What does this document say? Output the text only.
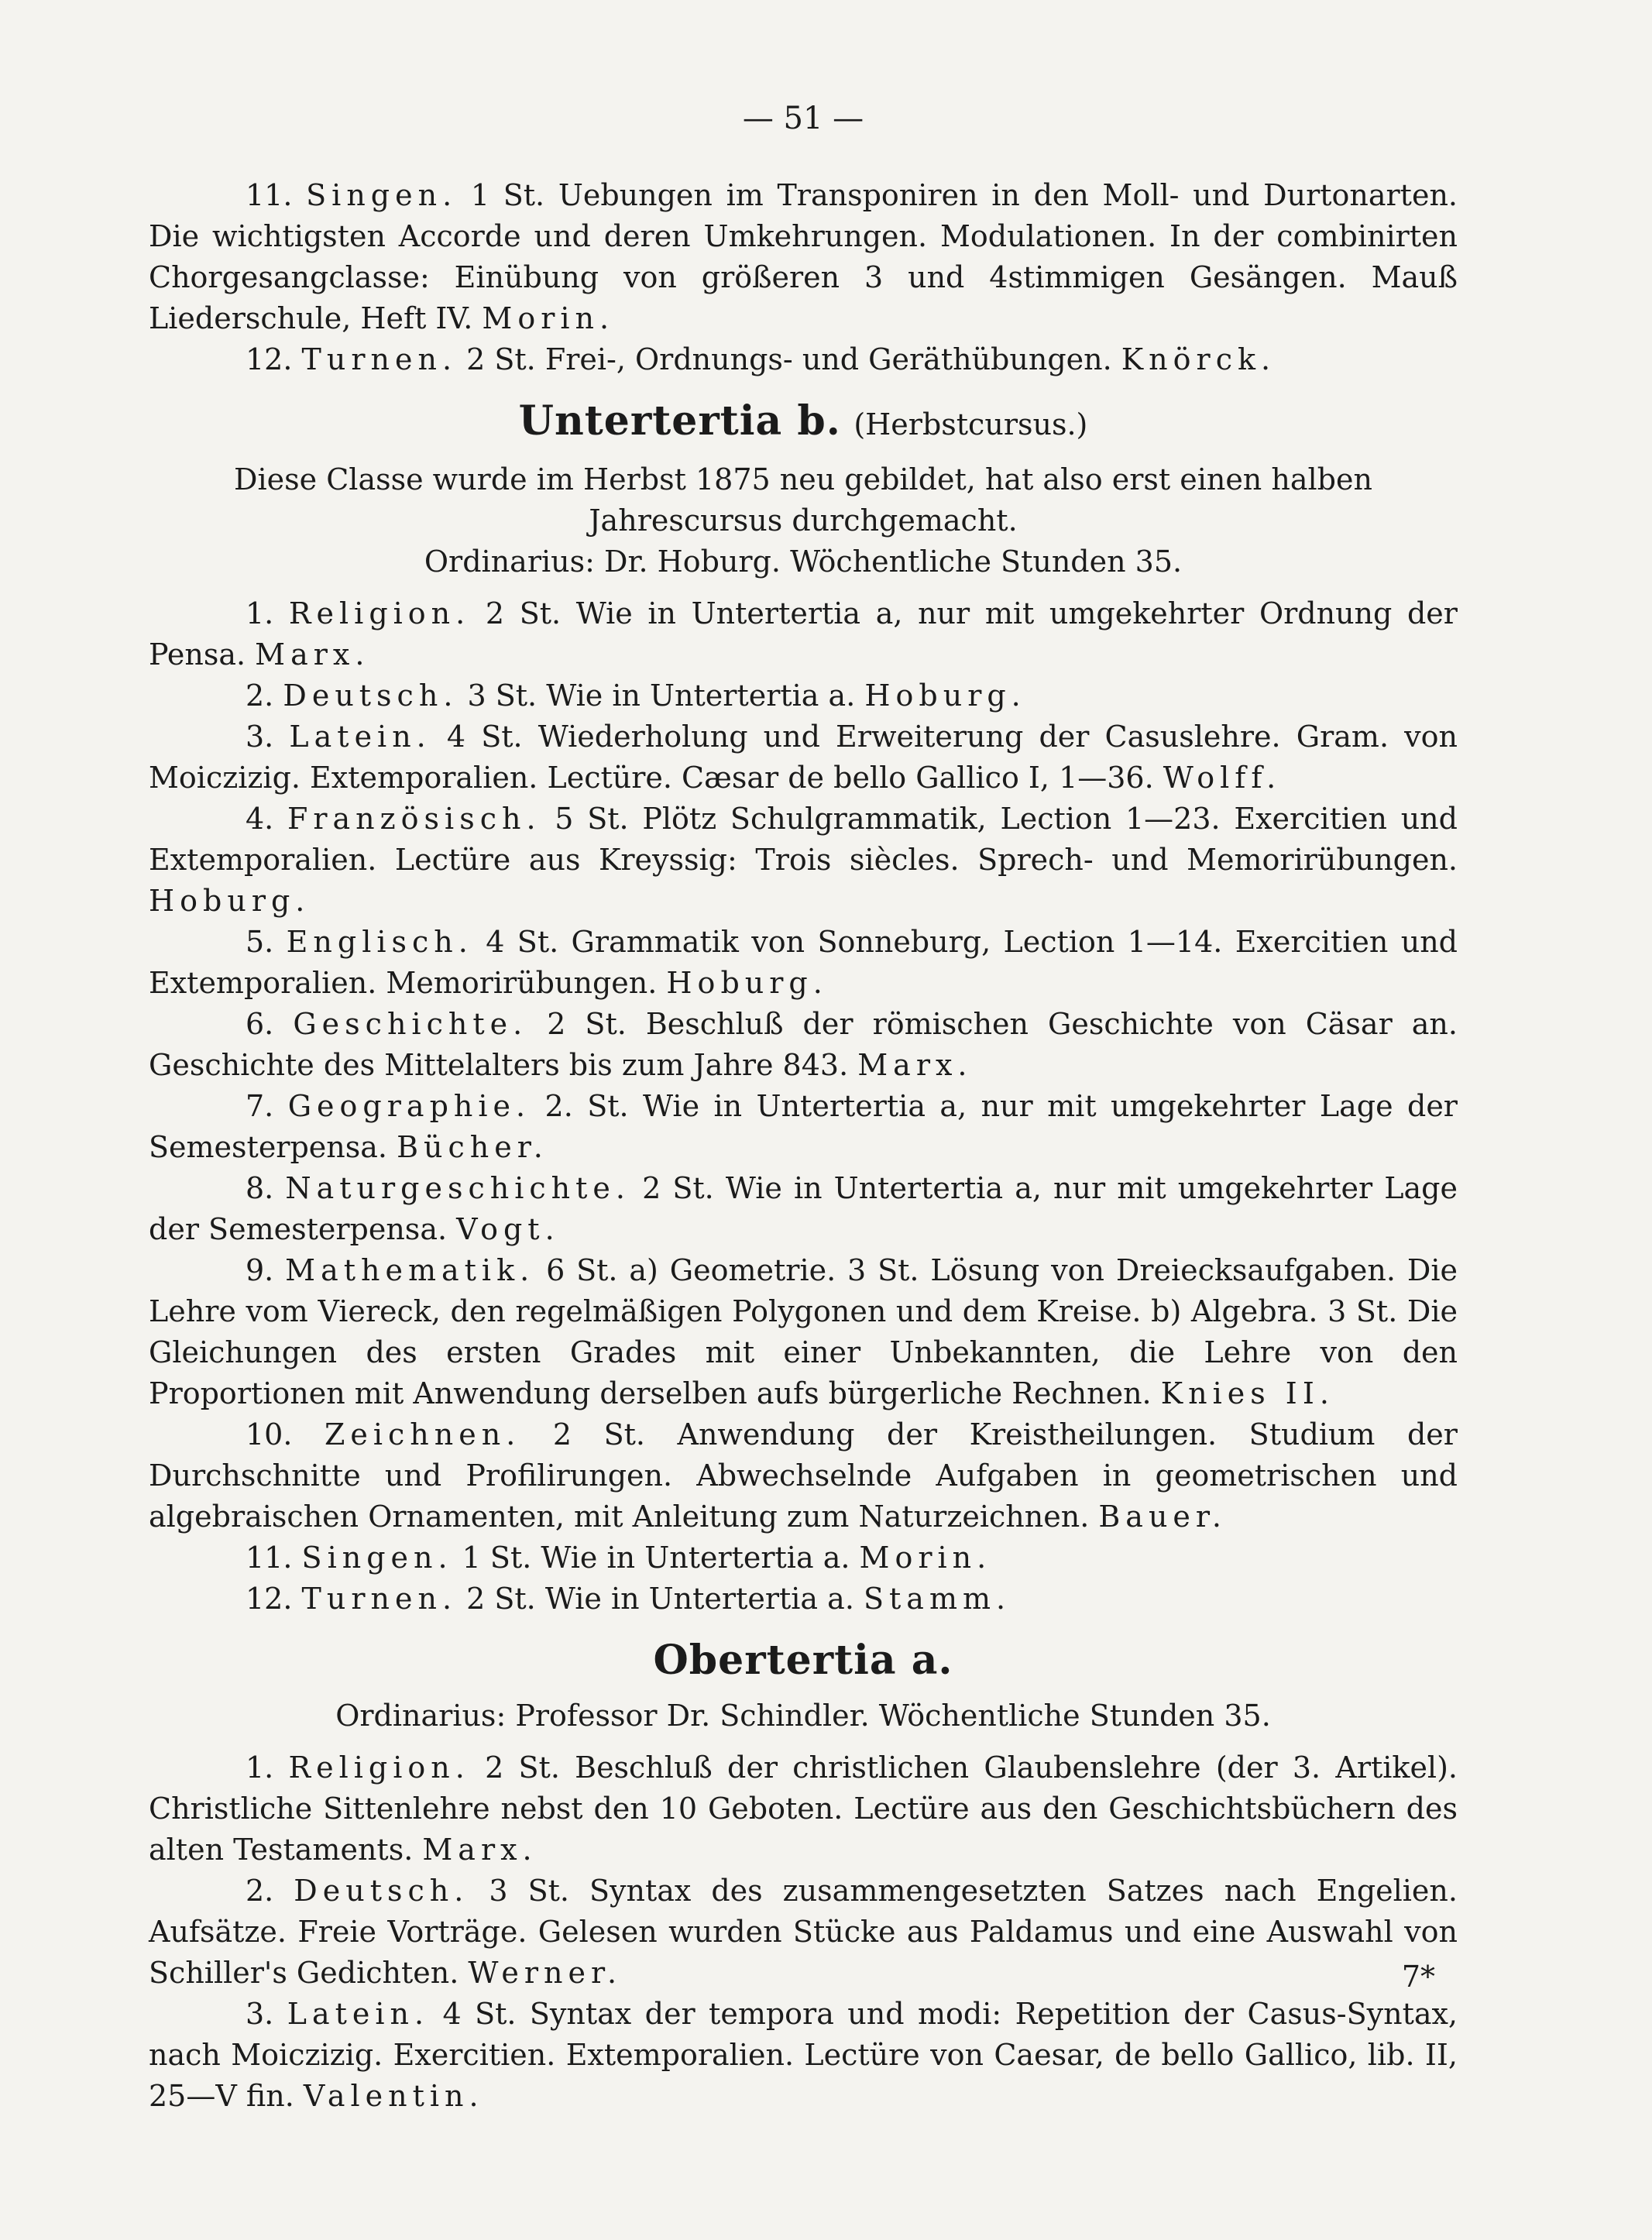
— 51 —

11. Singen. 1 St. Uebungen im Transponiren in den Moll- und Durtonarten. Die wichtigsten Accorde und deren Umkehrungen. Modulationen. In der combinirten Chorgesangclasse: Einübung von größeren 3 und 4stimmigen Gesängen. Mauß Liederschule, Heft IV. Morin.

12. Turnen. 2 St. Frei-, Ordnungs- und Geräthübungen. Knörck.

Untertertia b. (Herbstcursus.)

Diese Classe wurde im Herbst 1875 neu gebildet, hat also erst einen halben Jahrescursus durchgemacht.

Ordinarius: Dr. Hoburg. Wöchentliche Stunden 35.

1. Religion. 2 St. Wie in Untertertia a, nur mit umgekehrter Ordnung der Pensa. Marx.

2. Deutsch. 3 St. Wie in Untertertia a. Hoburg.

3. Latein. 4 St. Wiederholung und Erweiterung der Casuslehre. Gram. von Moiczizig. Extemporalien. Lectüre. Cæsar de bello Gallico I, 1—36. Wolff.

4. Französisch. 5 St. Plötz Schulgrammatik, Lection 1—23. Exercitien und Extemporalien. Lectüre aus Kreyssig: Trois siècles. Sprech- und Memorirübungen. Hoburg.

5. Englisch. 4 St. Grammatik von Sonneburg, Lection 1—14. Exercitien und Extemporalien. Memorirübungen. Hoburg.

6. Geschichte. 2 St. Beschluß der römischen Geschichte von Cäsar an. Geschichte des Mittelalters bis zum Jahre 843. Marx.

7. Geographie. 2. St. Wie in Untertertia a, nur mit umgekehrter Lage der Semesterpensa. Bücher.

8. Naturgeschichte. 2 St. Wie in Untertertia a, nur mit umgekehrter Lage der Semesterpensa. Vogt.

9. Mathematik. 6 St. a) Geometrie. 3 St. Lösung von Dreiecksaufgaben. Die Lehre vom Viereck, den regelmäßigen Polygonen und dem Kreise. b) Algebra. 3 St. Die Gleichungen des ersten Grades mit einer Unbekannten, die Lehre von den Proportionen mit Anwendung derselben aufs bürgerliche Rechnen. Knies II.

10. Zeichnen. 2 St. Anwendung der Kreistheilungen. Studium der Durchschnitte und Profilirungen. Abwechselnde Aufgaben in geometrischen und algebraischen Ornamenten, mit Anleitung zum Naturzeichnen. Bauer.

11. Singen. 1 St. Wie in Untertertia a. Morin.

12. Turnen. 2 St. Wie in Untertertia a. Stamm.

Obertertia a.

Ordinarius: Professor Dr. Schindler. Wöchentliche Stunden 35.

1. Religion. 2 St. Beschluß der christlichen Glaubenslehre (der 3. Artikel). Christliche Sittenlehre nebst den 10 Geboten. Lectüre aus den Geschichtsbüchern des alten Testaments. Marx.

2. Deutsch. 3 St. Syntax des zusammengesetzten Satzes nach Engelien. Aufsätze. Freie Vorträge. Gelesen wurden Stücke aus Paldamus und eine Auswahl von Schiller's Gedichten. Werner.

3. Latein. 4 St. Syntax der tempora und modi: Repetition der Casus-Syntax, nach Moiczizig. Exercitien. Extemporalien. Lectüre von Caesar, de bello Gallico, lib. II, 25—V fin. Valentin.

7*
